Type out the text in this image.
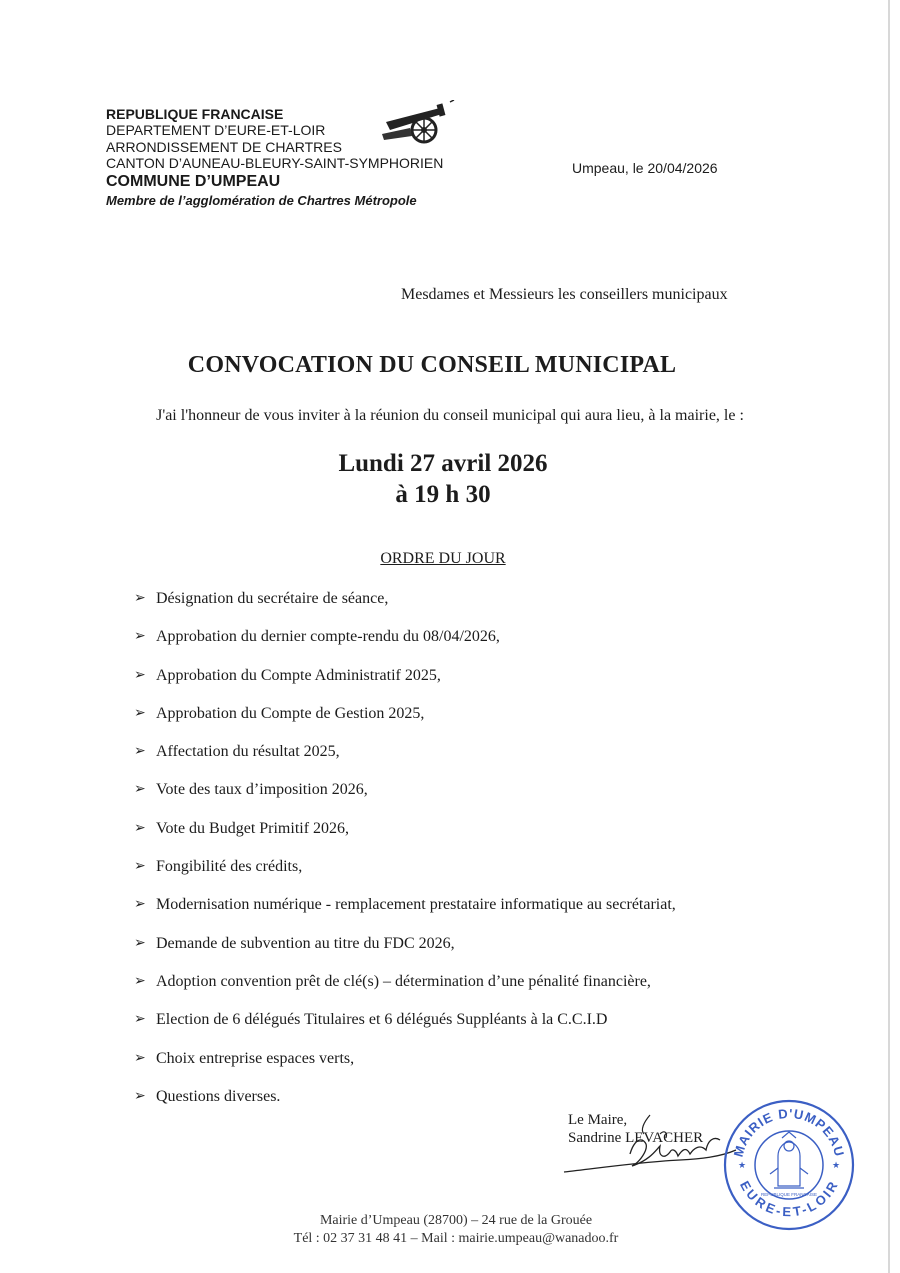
REPUBLIQUE FRANCAISE
DEPARTEMENT D’EURE-ET-LOIR
ARRONDISSEMENT DE CHARTRES
CANTON D’AUNEAU-BLEURY-SAINT-SYMPHORIEN
COMMUNE D’UMPEAU
Membre de l’agglomération de Chartres Métropole
Umpeau, le 20/04/2026
Mesdames et Messieurs les conseillers municipaux
CONVOCATION DU CONSEIL MUNICIPAL
J'ai l'honneur de vous inviter à la réunion du conseil municipal qui aura lieu, à la mairie, le :
Lundi 27 avril 2026
à 19 h 30
ORDRE DU JOUR
➢ Désignation du secrétaire de séance,
➢ Approbation du dernier compte-rendu du 08/04/2026,
➢ Approbation du Compte Administratif 2025,
➢ Approbation du Compte de Gestion 2025,
➢ Affectation du résultat 2025,
➢ Vote des taux d’imposition 2026,
➢ Vote du Budget Primitif 2026,
➢ Fongibilité des crédits,
➢ Modernisation numérique - remplacement prestataire informatique au secrétariat,
➢ Demande de subvention au titre du FDC 2026,
➢ Adoption convention prêt de clé(s) – détermination d’une pénalité financière,
➢ Election de 6 délégués Titulaires et 6 délégués Suppléants à la C.C.I.D
➢ Choix entreprise espaces verts,
➢ Questions diverses.
Le Maire,
Sandrine LEVACHER
MAIRIE D'UMPEAU
EURE-ET-LOIR
★	★
REPUBLIQUE FRANCAISE
Mairie d’Umpeau (28700) – 24 rue de la Grouée
Tél : 02 37 31 48 41 – Mail : mairie.umpeau@wanadoo.fr
